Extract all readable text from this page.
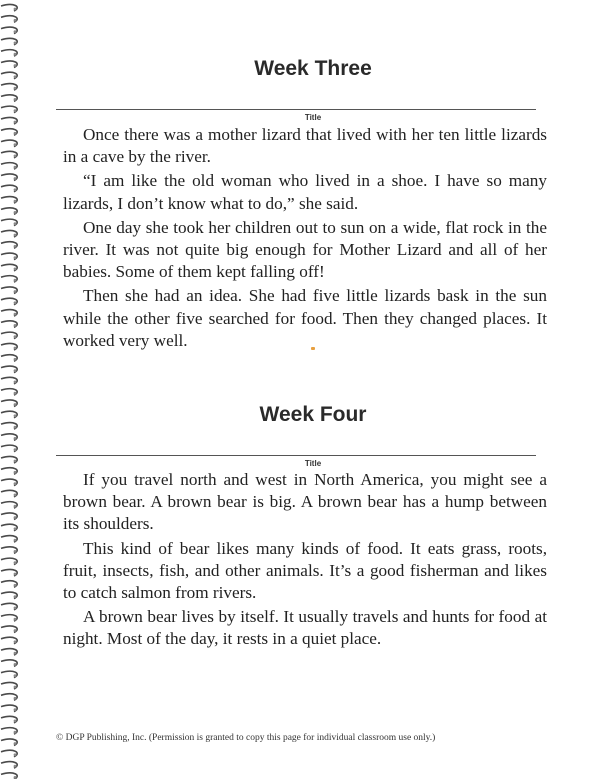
Week Three
Title

Once there was a mother lizard that lived with her ten little lizards in a cave by the river.

“I am like the old woman who lived in a shoe. I have so many lizards, I don’t know what to do,” she said.

One day she took her children out to sun on a wide, flat rock in the river. It was not quite big enough for Mother Lizard and all of her babies. Some of them kept falling off!

Then she had an idea. She had five little lizards bask in the sun while the other five searched for food. Then they changed places. It worked very well.

Week Four
Title

If you travel north and west in North America, you might see a brown bear. A brown bear is big. A brown bear has a hump between its shoulders.

This kind of bear likes many kinds of food. It eats grass, roots, fruit, insects, fish, and other animals. It’s a good fisherman and likes to catch salmon from rivers.

A brown bear lives by itself. It usually travels and hunts for food at night. Most of the day, it rests in a quiet place.

© DGP Publishing, Inc. (Permission is granted to copy this page for individual classroom use only.)
